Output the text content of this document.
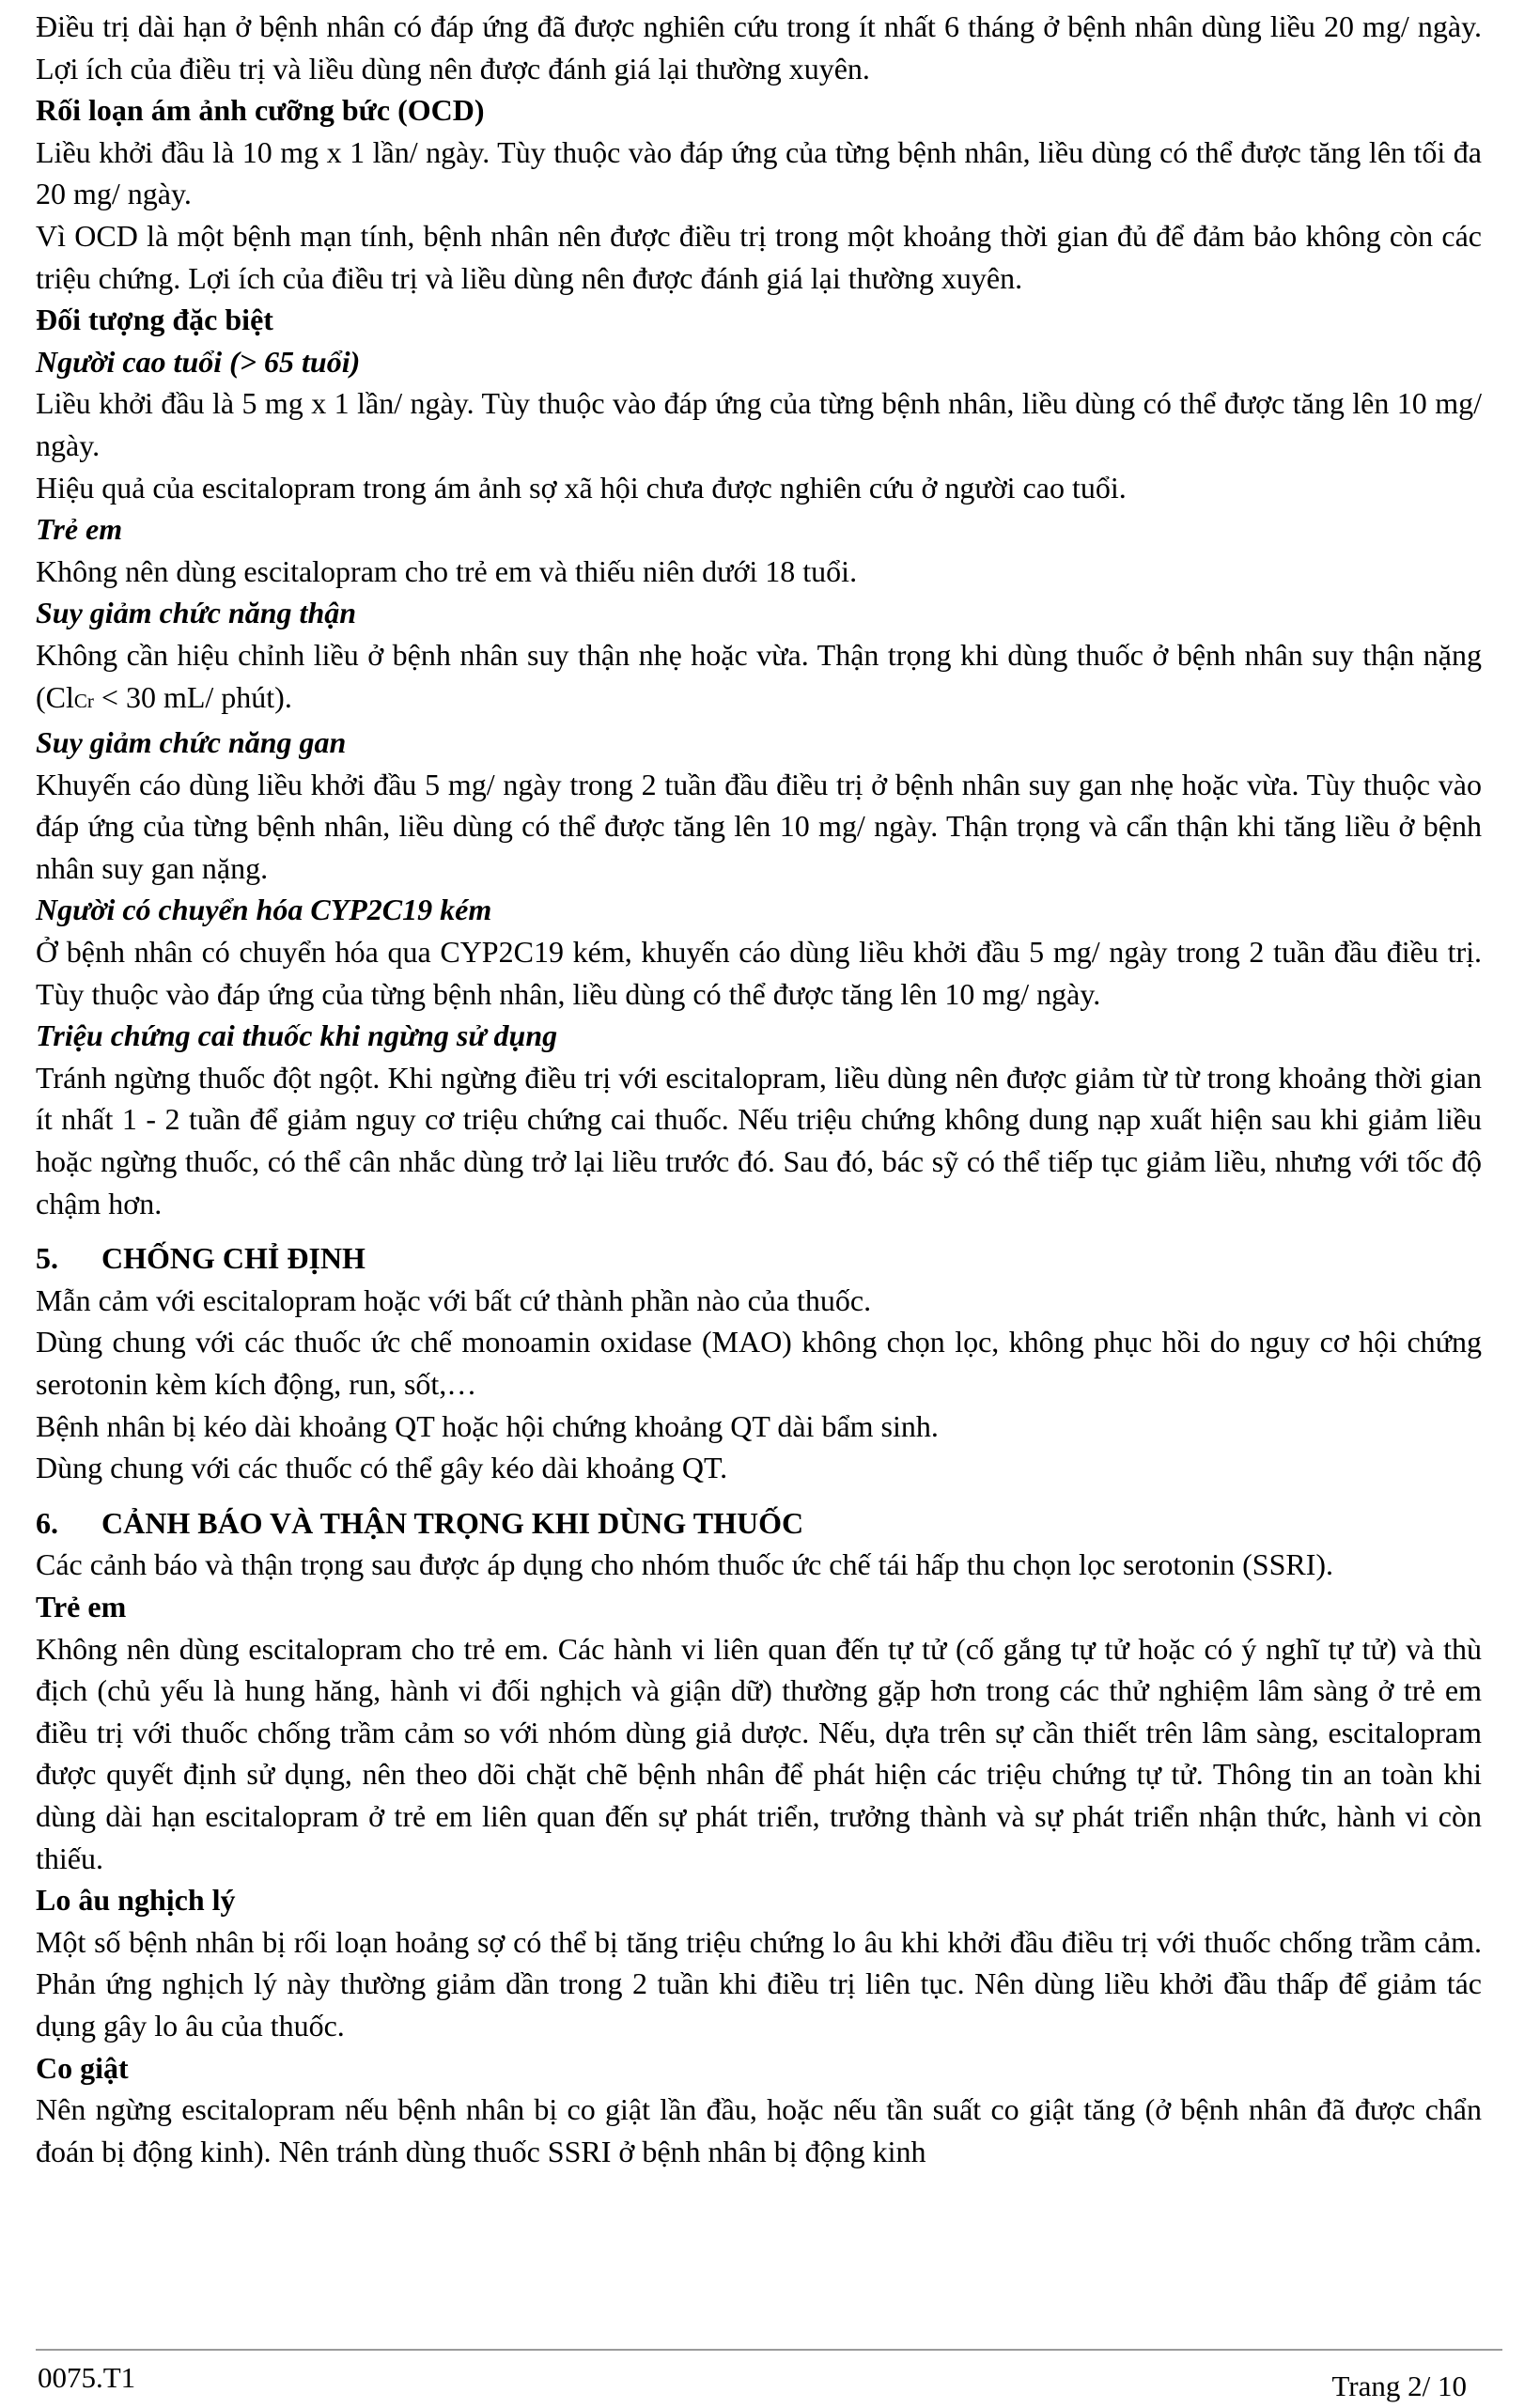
Điều trị dài hạn ở bệnh nhân có đáp ứng đã được nghiên cứu trong ít nhất 6 tháng ở bệnh nhân dùng liều 20 mg/ ngày. Lợi ích của điều trị và liều dùng nên được đánh giá lại thường xuyên.

Rối loạn ám ảnh cưỡng bức (OCD)

Liều khởi đầu là 10 mg x 1 lần/ ngày. Tùy thuộc vào đáp ứng của từng bệnh nhân, liều dùng có thể được tăng lên tối đa 20 mg/ ngày.

Vì OCD là một bệnh mạn tính, bệnh nhân nên được điều trị trong một khoảng thời gian đủ để đảm bảo không còn các triệu chứng. Lợi ích của điều trị và liều dùng nên được đánh giá lại thường xuyên.

Đối tượng đặc biệt

Người cao tuổi (> 65 tuổi)

Liều khởi đầu là 5 mg x 1 lần/ ngày. Tùy thuộc vào đáp ứng của từng bệnh nhân, liều dùng có thể được tăng lên 10 mg/ ngày.

Hiệu quả của escitalopram trong ám ảnh sợ xã hội chưa được nghiên cứu ở người cao tuổi.

Trẻ em

Không nên dùng escitalopram cho trẻ em và thiếu niên dưới 18 tuổi.

Suy giảm chức năng thận

Không cần hiệu chỉnh liều ở bệnh nhân suy thận nhẹ hoặc vừa. Thận trọng khi dùng thuốc ở bệnh nhân suy thận nặng (ClCr < 30 mL/ phút).

Suy giảm chức năng gan

Khuyến cáo dùng liều khởi đầu 5 mg/ ngày trong 2 tuần đầu điều trị ở bệnh nhân suy gan nhẹ hoặc vừa. Tùy thuộc vào đáp ứng của từng bệnh nhân, liều dùng có thể được tăng lên 10 mg/ ngày. Thận trọng và cẩn thận khi tăng liều ở bệnh nhân suy gan nặng.

Người có chuyển hóa CYP2C19 kém

Ở bệnh nhân có chuyển hóa qua CYP2C19 kém, khuyến cáo dùng liều khởi đầu 5 mg/ ngày trong 2 tuần đầu điều trị. Tùy thuộc vào đáp ứng của từng bệnh nhân, liều dùng có thể được tăng lên 10 mg/ ngày.

Triệu chứng cai thuốc khi ngừng sử dụng

Tránh ngừng thuốc đột ngột. Khi ngừng điều trị với escitalopram, liều dùng nên được giảm từ từ trong khoảng thời gian ít nhất 1 - 2 tuần để giảm nguy cơ triệu chứng cai thuốc. Nếu triệu chứng không dung nạp xuất hiện sau khi giảm liều hoặc ngừng thuốc, có thể cân nhắc dùng trở lại liều trước đó. Sau đó, bác sỹ có thể tiếp tục giảm liều, nhưng với tốc độ chậm hơn.

5. CHỐNG CHỈ ĐỊNH

Mẫn cảm với escitalopram hoặc với bất cứ thành phần nào của thuốc.

Dùng chung với các thuốc ức chế monoamin oxidase (MAO) không chọn lọc, không phục hồi do nguy cơ hội chứng serotonin kèm kích động, run, sốt,…

Bệnh nhân bị kéo dài khoảng QT hoặc hội chứng khoảng QT dài bẩm sinh.

Dùng chung với các thuốc có thể gây kéo dài khoảng QT.

6. CẢNH BÁO VÀ THẬN TRỌNG KHI DÙNG THUỐC

Các cảnh báo và thận trọng sau được áp dụng cho nhóm thuốc ức chế tái hấp thu chọn lọc serotonin (SSRI).

Trẻ em

Không nên dùng escitalopram cho trẻ em. Các hành vi liên quan đến tự tử (cố gắng tự tử hoặc có ý nghĩ tự tử) và thù địch (chủ yếu là hung hăng, hành vi đối nghịch và giận dữ) thường gặp hơn trong các thử nghiệm lâm sàng ở trẻ em điều trị với thuốc chống trầm cảm so với nhóm dùng giả dược. Nếu, dựa trên sự cần thiết trên lâm sàng, escitalopram được quyết định sử dụng, nên theo dõi chặt chẽ bệnh nhân để phát hiện các triệu chứng tự tử. Thông tin an toàn khi dùng dài hạn escitalopram ở trẻ em liên quan đến sự phát triển, trưởng thành và sự phát triển nhận thức, hành vi còn thiếu.

Lo âu nghịch lý

Một số bệnh nhân bị rối loạn hoảng sợ có thể bị tăng triệu chứng lo âu khi khởi đầu điều trị với thuốc chống trầm cảm. Phản ứng nghịch lý này thường giảm dần trong 2 tuần khi điều trị liên tục. Nên dùng liều khởi đầu thấp để giảm tác dụng gây lo âu của thuốc.

Co giật

Nên ngừng escitalopram nếu bệnh nhân bị co giật lần đầu, hoặc nếu tần suất co giật tăng (ở bệnh nhân đã được chẩn đoán bị động kinh). Nên tránh dùng thuốc SSRI ở bệnh nhân bị động kinh

0075.T1	Trang 2/ 10
